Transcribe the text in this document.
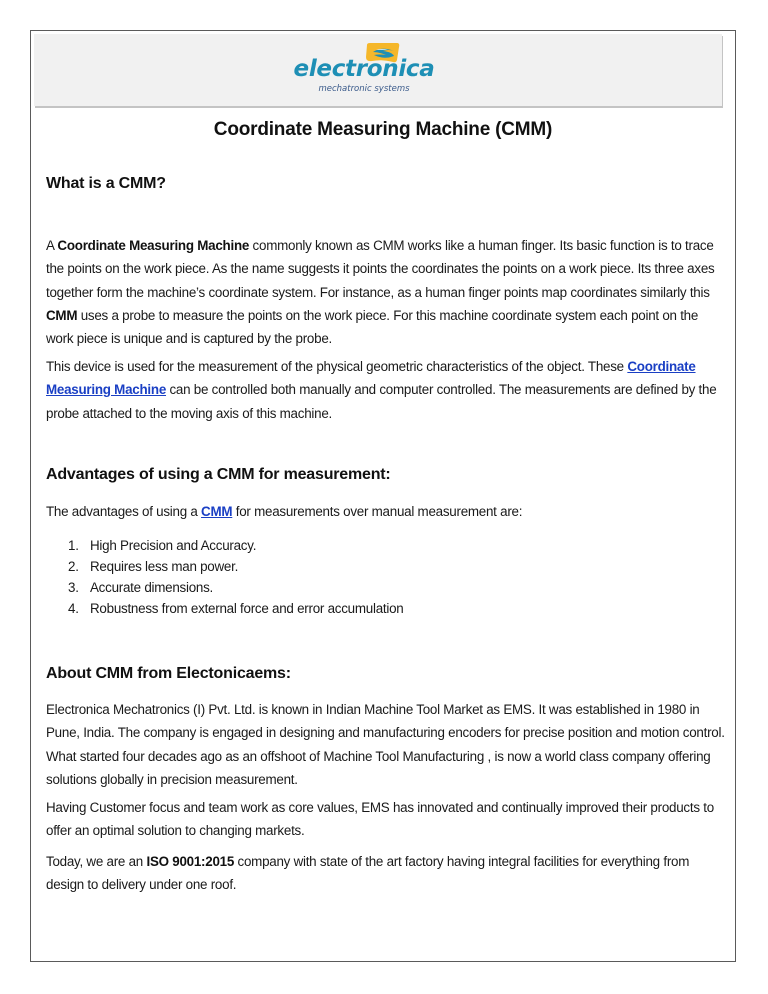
electronica
mechatronic systems
Coordinate Measuring Machine (CMM)
What is a CMM?
A Coordinate Measuring Machine commonly known as CMM works like a human finger. Its basic function is to trace the points on the work piece. As the name suggests it points the coordinates the points on a work piece. Its three axes together form the machine’s coordinate system. For instance, as a human finger points map coordinates similarly this CMM uses a probe to measure the points on the work piece. For this machine coordinate system each point on the work piece is unique and is captured by the probe.
This device is used for the measurement of the physical geometric characteristics of the object. These Coordinate Measuring Machine can be controlled both manually and computer controlled. The measurements are defined by the probe attached to the moving axis of this machine.
Advantages of using a CMM for measurement:
The advantages of using a CMM for measurements over manual measurement are:
1. High Precision and Accuracy.
2. Requires less man power.
3. Accurate dimensions.
4. Robustness from external force and error accumulation
About CMM from Electonicaems:
Electronica Mechatronics (I) Pvt. Ltd. is known in Indian Machine Tool Market as EMS. It was established in 1980 in Pune, India. The company is engaged in designing and manufacturing encoders for precise position and motion control. What started four decades ago as an offshoot of Machine Tool Manufacturing , is now a world class company offering solutions globally in precision measurement.
Having Customer focus and team work as core values, EMS has innovated and continually improved their products to offer an optimal solution to changing markets.
Today, we are an ISO 9001:2015 company with state of the art factory having integral facilities for everything from design to delivery under one roof.
